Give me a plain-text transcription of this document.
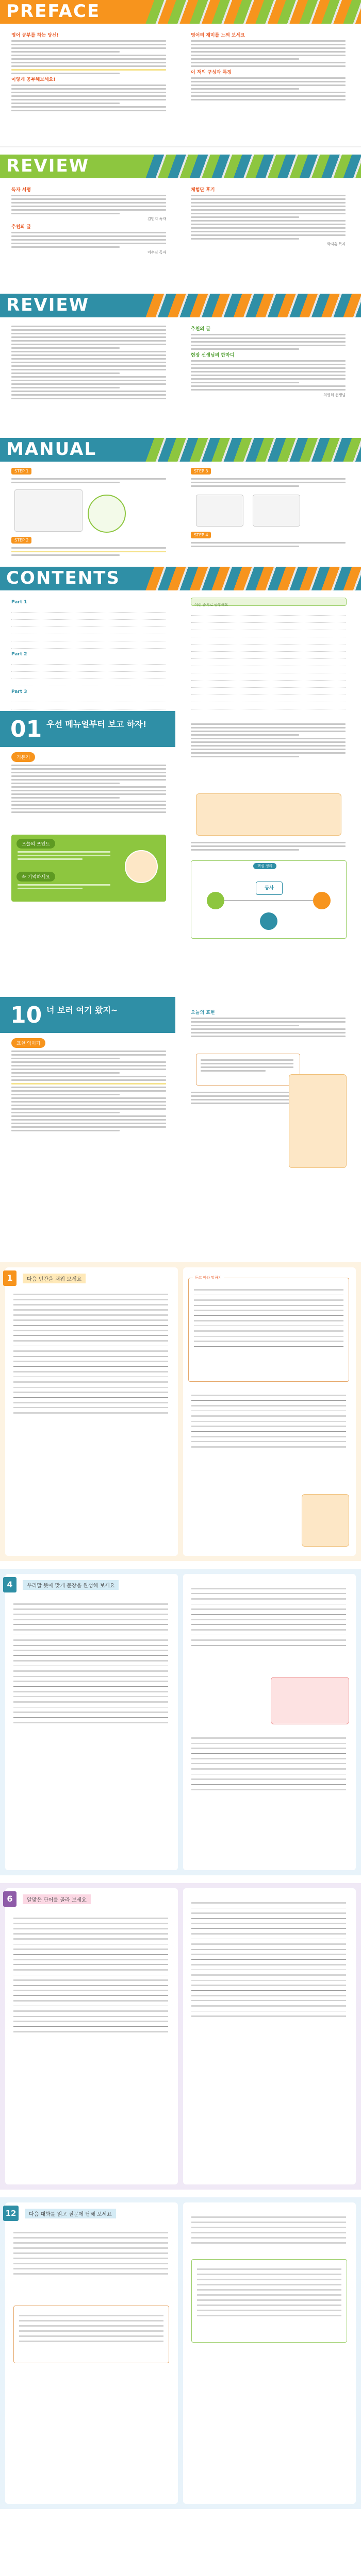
PREFACE
영어 공부를 하는 당신!
이렇게 공부해보세요!
영어의 재미를 느껴 보세요
이 책의 구성과 특징
REVIEW
독자 서평
김민지 독자
추천의 글
이수진 독자
체험단 후기
박지훈 독자
REVIEW
추천의 글
현장 선생님의 한마디
최영희 선생님
MANUAL
STEP 1
STEP 2
STEP 3
STEP 4
CONTENTS
Part 1
Part 2
Part 3
이런 순서로 공부해요
01 우선 메뉴얼부터 보고 하자!
기본기
오늘의 포인트
꼭 기억하세요
핵심 정리
동사
10 너 보러 여기 왔지~
표현 익히기
오늘의 표현
1	다음 빈칸을 채워 보세요	듣고 따라 말하기
4	우리말 뜻에 맞게 문장을 완성해 보세요
6	알맞은 단어를 골라 보세요
12	다음 대화를 읽고 질문에 답해 보세요
